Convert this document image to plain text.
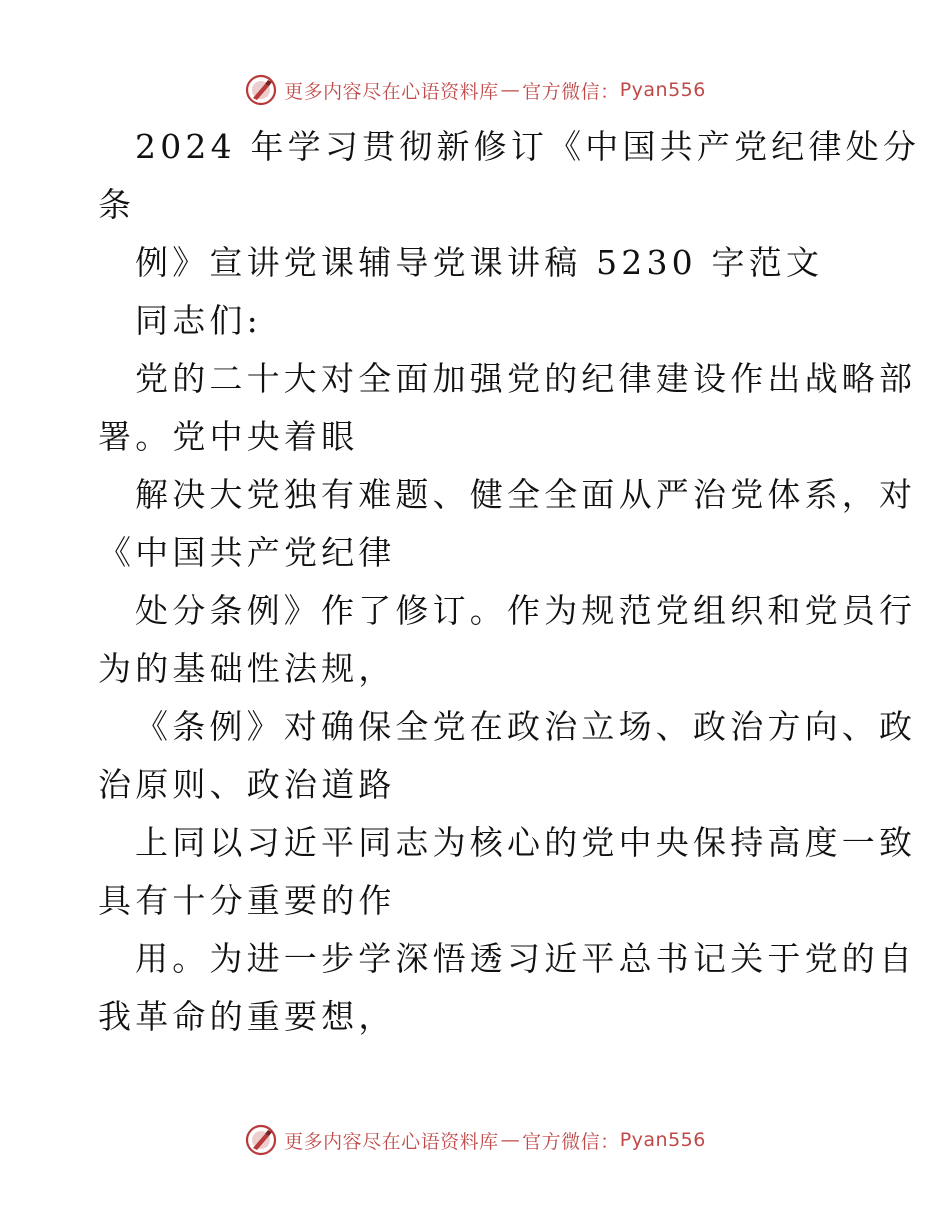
更多内容尽在心语资料库 — 官方微信： Pyan556
2024 年学习贯彻新修订《中国共产党纪律处分
条
例》宣讲党课辅导党课讲稿 5230 字范文
同志们:
党的二十大对全面加强党的纪律建设作出战略部
署。党中央着眼
解决大党独有难题、健全全面从严治党体系，对
《中国共产党纪律
处分条例》作了修订。作为规范党组织和党员行
为的基础性法规，
《条例》对确保全党在政治立场、政治方向、政
治原则、政治道路
上同以习近平同志为核心的党中央保持高度一致
具有十分重要的作
用。为进一步学深悟透习近平总书记关于党的自
我革命的重要想，
更多内容尽在心语资料库 — 官方微信： Pyan556
